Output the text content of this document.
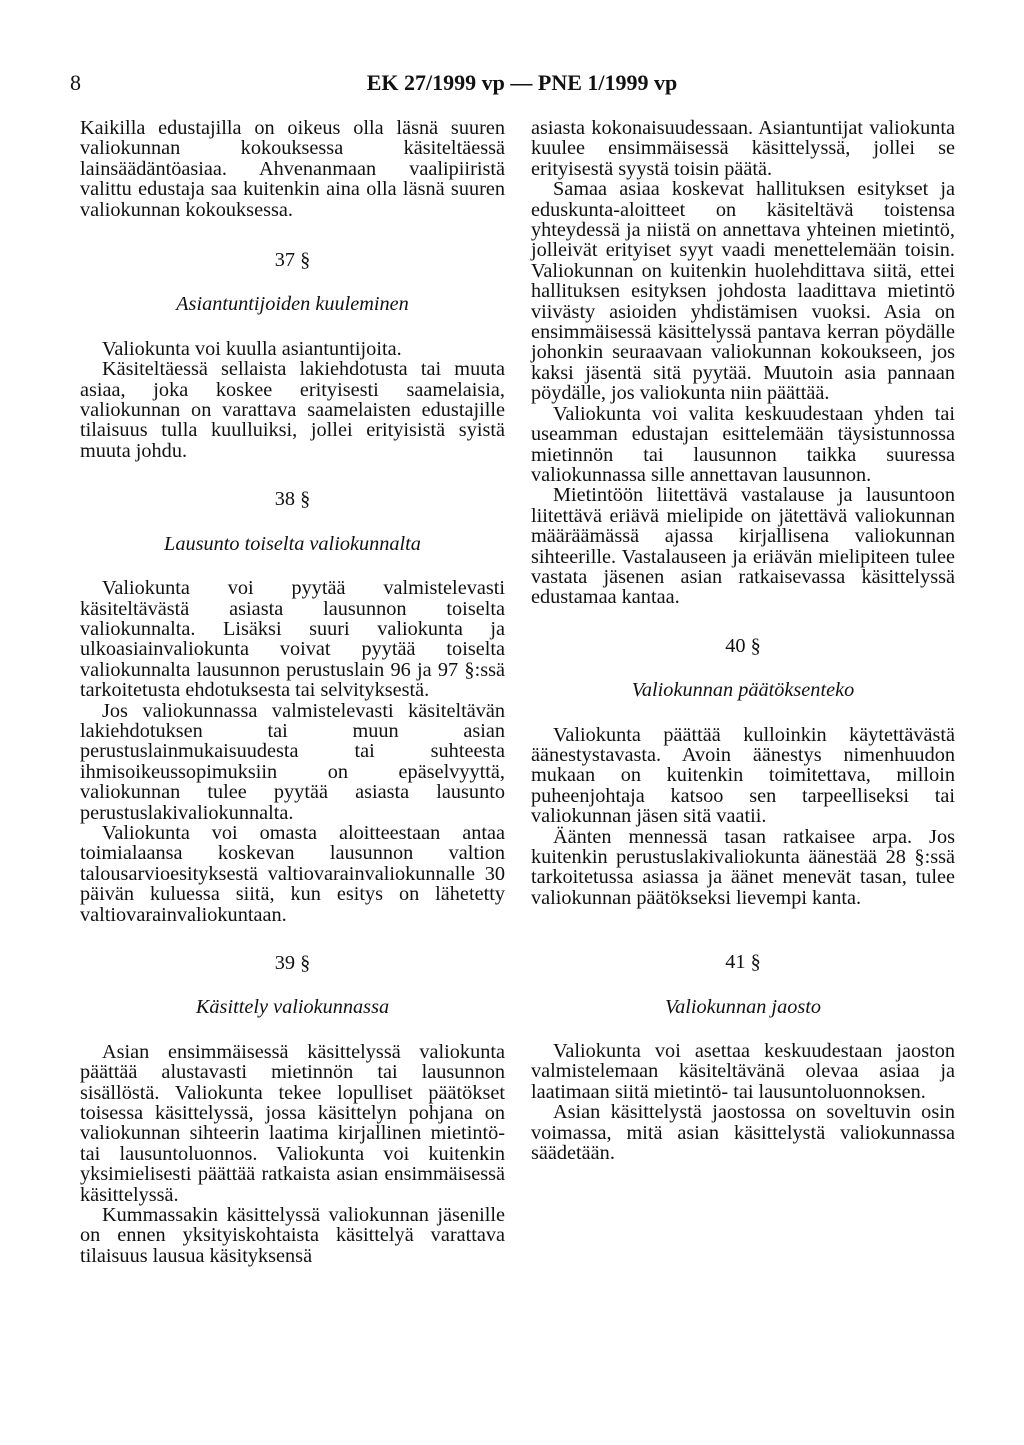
8	EK 27/1999 vp — PNE 1/1999 vp

Kaikilla edustajilla on oikeus olla läsnä suuren valiokunnan kokouksessa käsiteltäessä lainsäädäntöasiaa. Ahvenanmaan vaalipiiristä valittu edustaja saa kuitenkin aina olla läsnä suuren valiokunnan kokouksessa.

37 §
Asiantuntijoiden kuuleminen

Valiokunta voi kuulla asiantuntijoita.

Käsiteltäessä sellaista lakiehdotusta tai muuta asiaa, joka koskee erityisesti saamelaisia, valiokunnan on varattava saamelaisten edustajille tilaisuus tulla kuulluiksi, jollei erityisistä syistä muuta johdu.

38 §
Lausunto toiselta valiokunnalta

Valiokunta voi pyytää valmistelevasti käsiteltävästä asiasta lausunnon toiselta valiokunnalta. Lisäksi suuri valiokunta ja ulkoasiainvaliokunta voivat pyytää toiselta valiokunnalta lausunnon perustuslain 96 ja 97 §:ssä tarkoitetusta ehdotuksesta tai selvityksestä.

Jos valiokunnassa valmistelevasti käsiteltävän lakiehdotuksen tai muun asian perustuslainmukaisuudesta tai suhteesta ihmisoikeussopimuksiin on epäselvyyttä, valiokunnan tulee pyytää asiasta lausunto perustuslakivaliokunnalta.

Valiokunta voi omasta aloitteestaan antaa toimialaansa koskevan lausunnon valtion talousarvioesityksestä valtiovarainvaliokunnalle 30 päivän kuluessa siitä, kun esitys on lähetetty valtiovarainvaliokuntaan.

39 §
Käsittely valiokunnassa

Asian ensimmäisessä käsittelyssä valiokunta päättää alustavasti mietinnön tai lausunnon sisällöstä. Valiokunta tekee lopulliset päätökset toisessa käsittelyssä, jossa käsittelyn pohjana on valiokunnan sihteerin laatima kirjallinen mietintö- tai lausuntoluonnos. Valiokunta voi kuitenkin yksimielisesti päättää ratkaista asian ensimmäisessä käsittelyssä.

Kummassakin käsittelyssä valiokunnan jäsenille on ennen yksityiskohtaista käsittelyä varattava tilaisuus lausua käsityksensä

asiasta kokonaisuudessaan. Asiantuntijat valiokunta kuulee ensimmäisessä käsittelyssä, jollei se erityisestä syystä toisin päätä.

Samaa asiaa koskevat hallituksen esitykset ja eduskunta-aloitteet on käsiteltävä toistensa yhteydessä ja niistä on annettava yhteinen mietintö, jolleivät erityiset syyt vaadi menettelemään toisin. Valiokunnan on kuitenkin huolehdittava siitä, ettei hallituksen esityksen johdosta laadittava mietintö viivästy asioiden yhdistämisen vuoksi. Asia on ensimmäisessä käsittelyssä pantava kerran pöydälle johonkin seuraavaan valiokunnan kokoukseen, jos kaksi jäsentä sitä pyytää. Muutoin asia pannaan pöydälle, jos valiokunta niin päättää.

Valiokunta voi valita keskuudestaan yhden tai useamman edustajan esittelemään täysistunnossa mietinnön tai lausunnon taikka suuressa valiokunnassa sille annettavan lausunnon.

Mietintöön liitettävä vastalause ja lausuntoon liitettävä eriävä mielipide on jätettävä valiokunnan määräämässä ajassa kirjallisena valiokunnan sihteerille. Vastalauseen ja eriävän mielipiteen tulee vastata jäsenen asian ratkaisevassa käsittelyssä edustamaa kantaa.

40 §
Valiokunnan päätöksenteko

Valiokunta päättää kulloinkin käytettävästä äänestystavasta. Avoin äänestys nimenhuudon mukaan on kuitenkin toimitettava, milloin puheenjohtaja katsoo sen tarpeelliseksi tai valiokunnan jäsen sitä vaatii.

Äänten mennessä tasan ratkaisee arpa. Jos kuitenkin perustuslakivaliokunta äänestää 28 §:ssä tarkoitetussa asiassa ja äänet menevät tasan, tulee valiokunnan päätökseksi lievempi kanta.

41 §
Valiokunnan jaosto

Valiokunta voi asettaa keskuudestaan jaoston valmistelemaan käsiteltävänä olevaa asiaa ja laatimaan siitä mietintö- tai lausuntoluonnoksen.

Asian käsittelystä jaostossa on soveltuvin osin voimassa, mitä asian käsittelystä valiokunnassa säädetään.
